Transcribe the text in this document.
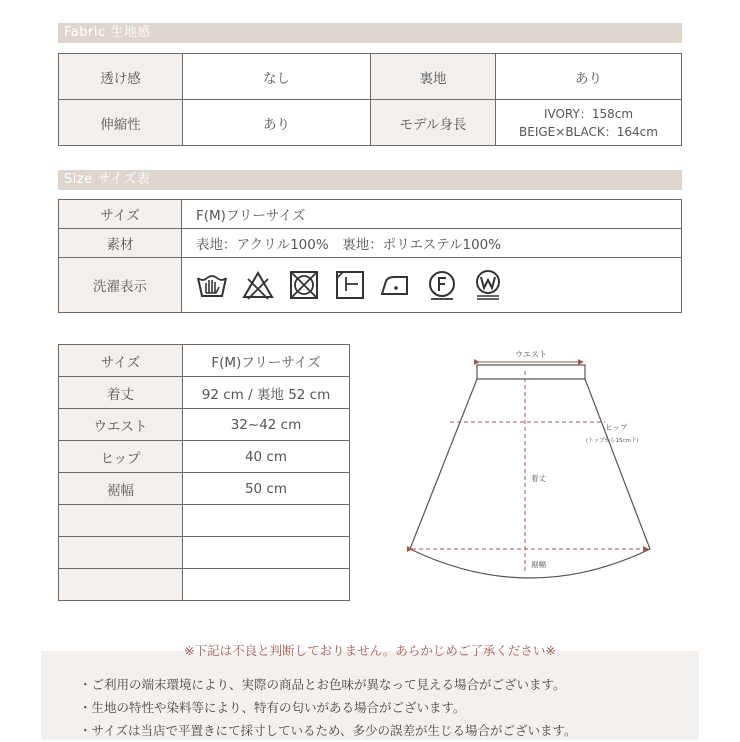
Fabric 生地感
透け感	なし	裏地	あり
伸縮性	あり	モデル身長	IVORY：158cm
BEIGE×BLACK：164cm
Size サイズ表
サイズ	F(M)フリーサイズ
素材	表地：アクリル100%　裏地：ポリエステル100%
洗濯表示	
サイズ	F(M)フリーサイズ
着丈	92 cm / 裏地 52 cm
ウエスト	32~42 cm
ヒップ	40 cm
裾幅	50 cm

ウエスト
ヒップ
(トップから15cm下)
着丈
裾幅
・ご利用の端末環境により、実際の商品とお色味が異なって見える場合がございます。
・生地の特性や染料等により、特有の匂いがある場合がございます。
・サイズは当店で平置きにて採寸しているため、多少の誤差が生じる場合がございます。
※下記は不良と判断しておりません。あらかじめご了承ください※
